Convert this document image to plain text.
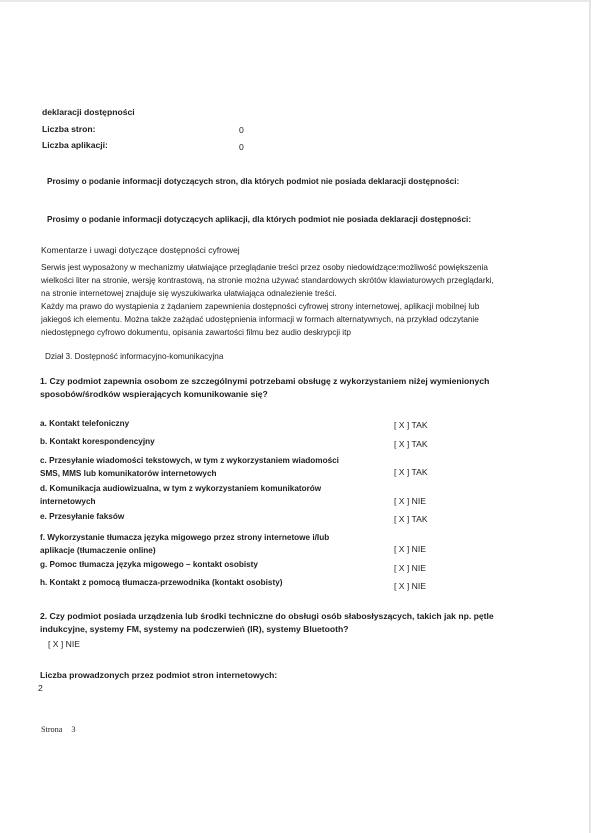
deklaracji dostępności
Liczba stron:	0
Liczba aplikacji:	0
Prosimy o podanie informacji dotyczących stron, dla których podmiot nie posiada deklaracji dostępności:
Prosimy o podanie informacji dotyczących aplikacji, dla których podmiot nie posiada deklaracji dostępności:
Komentarze i uwagi dotyczące dostępności cyfrowej
Serwis jest wyposażony w mechanizmy ułatwiające przeglądanie treści przez osoby niedowidzące:możliwość powiększenia
wielkości liter na stronie, wersję kontrastową, na stronie można używać standardowych skrótów klawiaturowych przeglądarki,
na stronie internetowej znajduje się wyszukiwarka ułatwiająca odnalezienie treści.
Każdy ma prawo do wystąpienia z żądaniem zapewnienia dostępności cyfrowej strony internetowej, aplikacji mobilnej lub
jakiegoś ich elementu. Można także zażądać udostępnienia informacji w formach alternatywnych, na przykład odczytanie
niedostępnego cyfrowo dokumentu, opisania zawartości filmu bez audio deskrypcji itp
Dział 3. Dostępność informacyjno-komunikacyjna
1. Czy podmiot zapewnia osobom ze szczególnymi potrzebami obsługę z wykorzystaniem niżej wymienionych
sposobów/środków wspierających komunikowanie się?
a. Kontakt telefoniczny	[ X ] TAK
b. Kontakt korespondencyjny	[ X ] TAK
c. Przesyłanie wiadomości tekstowych, w tym z wykorzystaniem wiadomości
SMS, MMS lub komunikatorów internetowych	[ X ] TAK
d. Komunikacja audiowizualna, w tym z wykorzystaniem komunikatorów
internetowych	[ X ] NIE
e. Przesyłanie faksów	[ X ] TAK
f. Wykorzystanie tłumacza języka migowego przez strony internetowe i/lub
aplikacje (tłumaczenie online)	[ X ] NIE
g. Pomoc tłumacza języka migowego – kontakt osobisty	[ X ] NIE
h. Kontakt z pomocą tłumacza-przewodnika (kontakt osobisty)	[ X ] NIE
2. Czy podmiot posiada urządzenia lub środki techniczne do obsługi osób słabosłyszących, takich jak np. pętle
indukcyjne, systemy FM, systemy na podczerwień (IR), systemy Bluetooth?
[ X ] NIE
Liczba prowadzonych przez podmiot stron internetowych:
2
Strona 3
